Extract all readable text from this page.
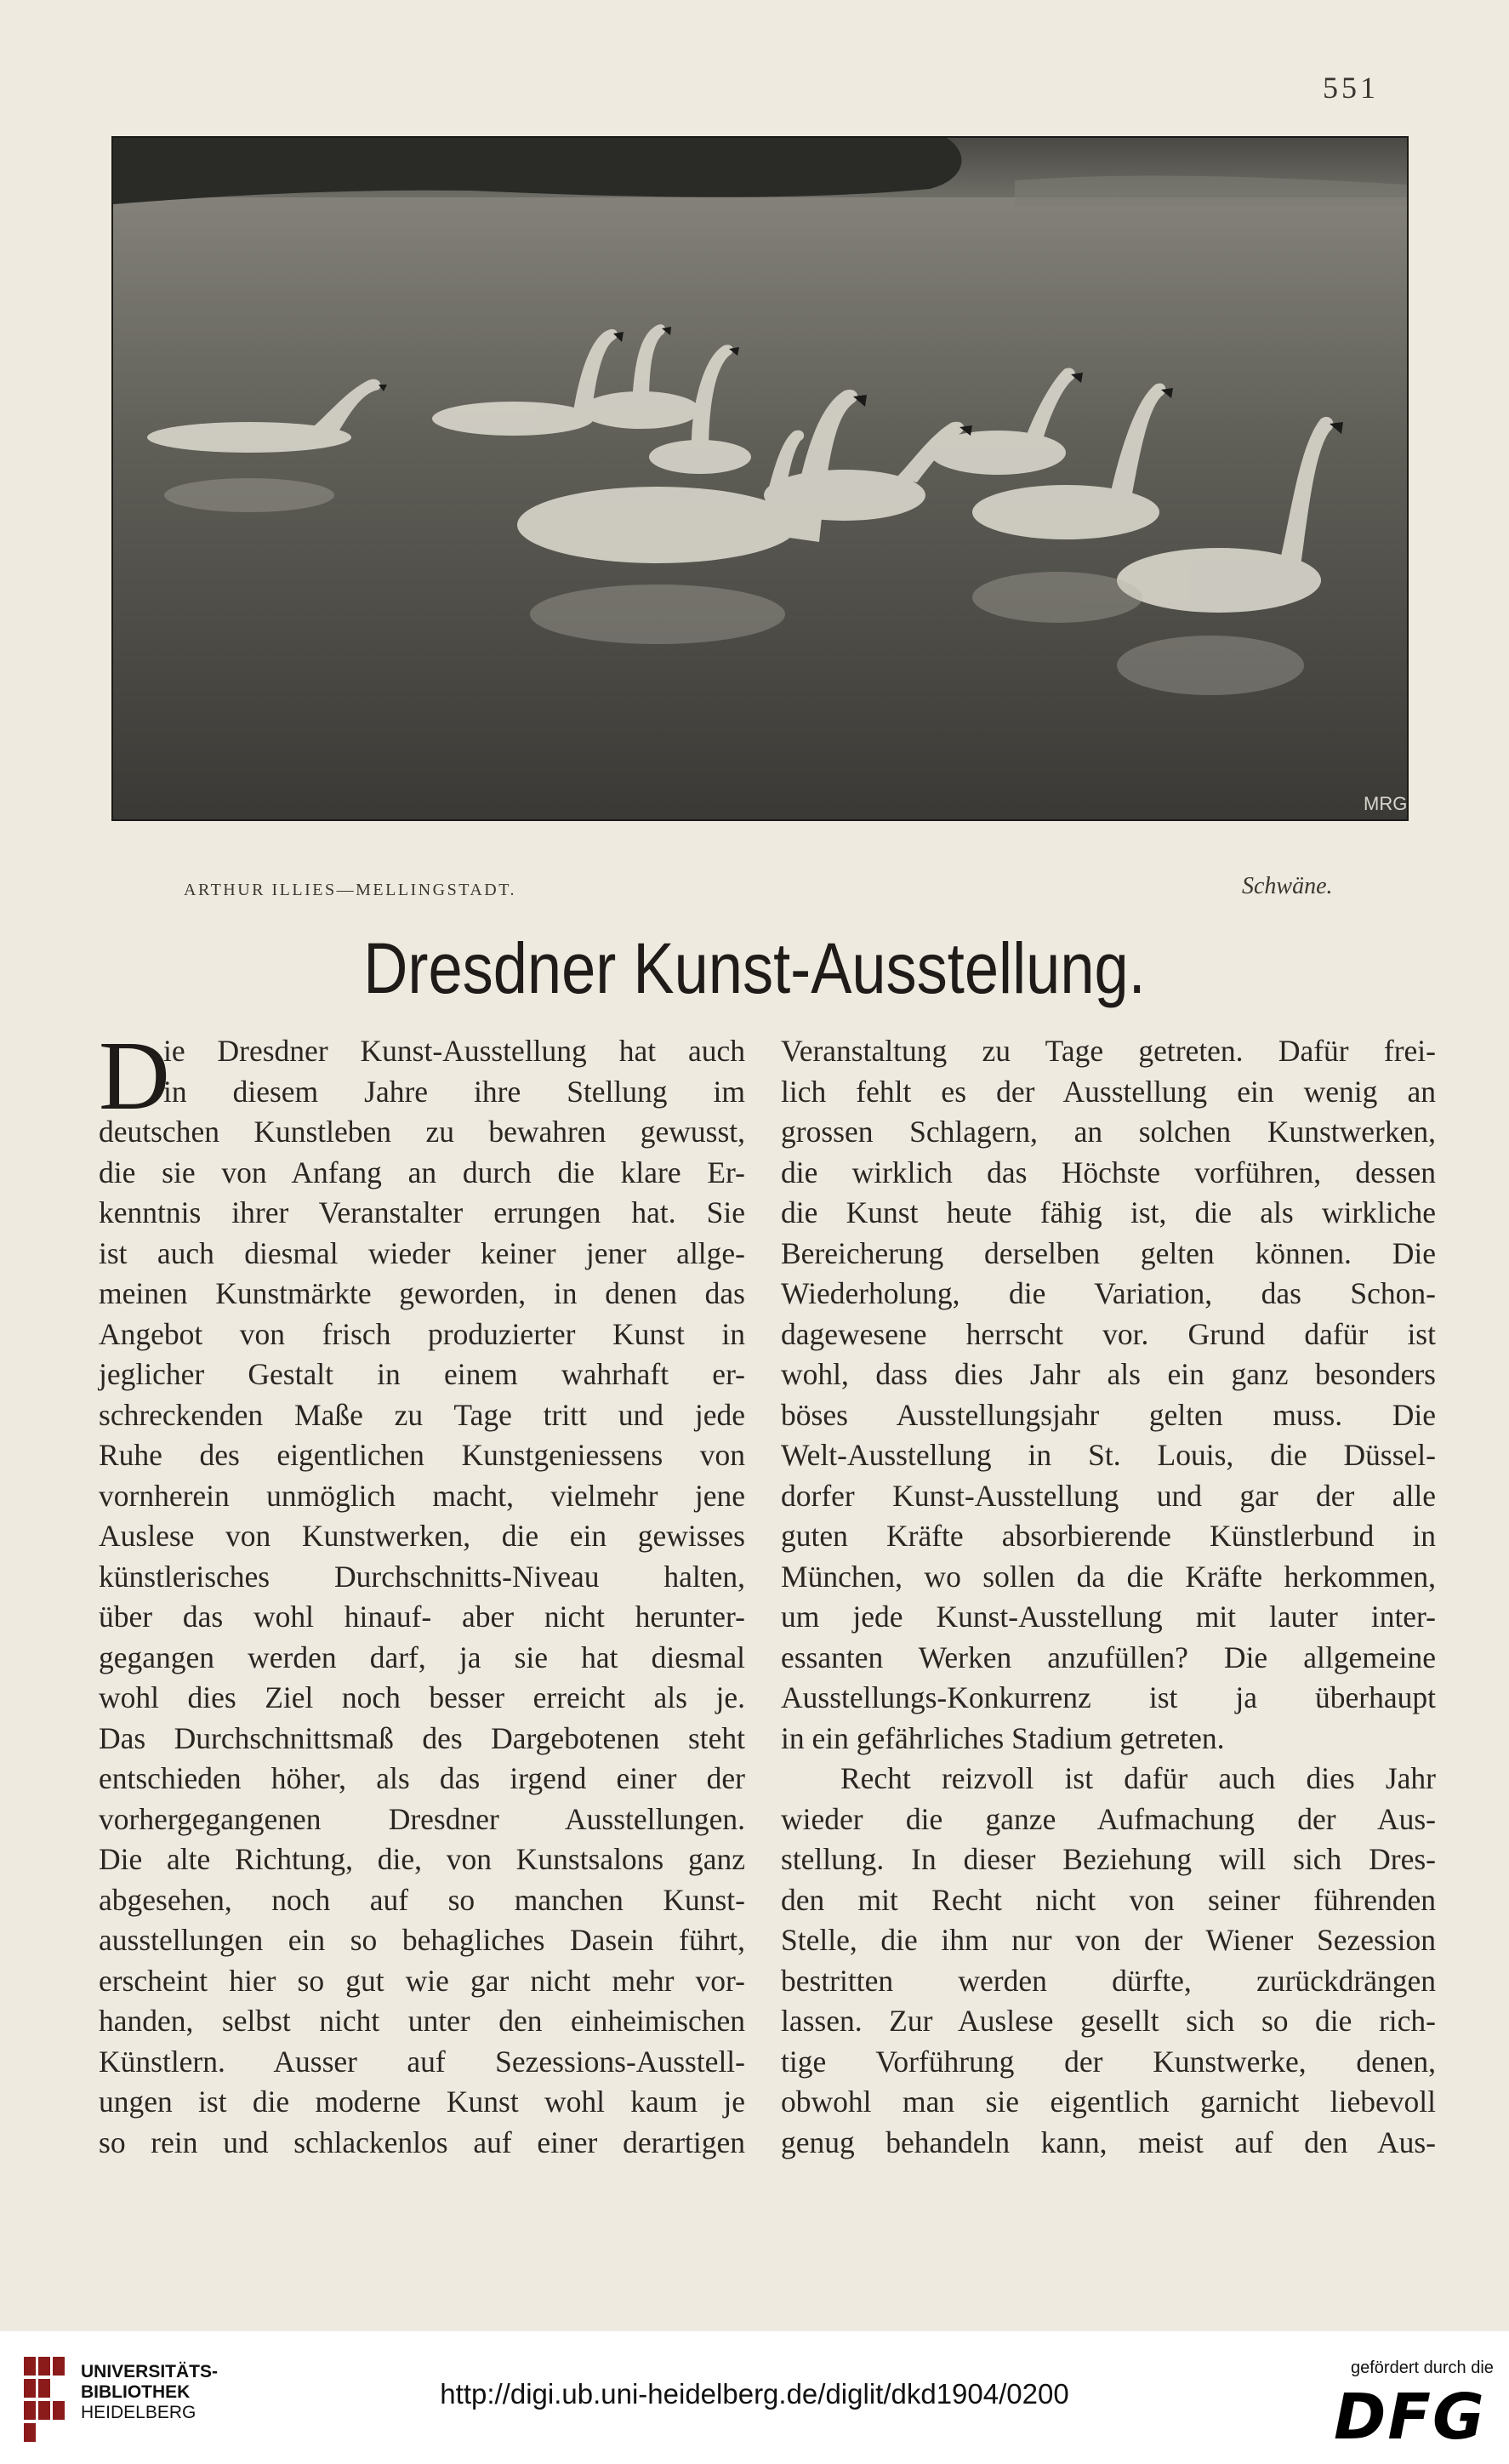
551
MRG
ARTHUR ILLIES—MELLINGSTADT.	Schwäne.
Dresdner Kunst-Ausstellung.
D
ie Dresdner Kunst-Ausstellung hat auch
in diesem Jahre ihre Stellung im
deutschen Kunstleben zu bewahren gewusst,
die sie von Anfang an durch die klare Er-
kenntnis ihrer Veranstalter errungen hat. Sie
ist auch diesmal wieder keiner jener allge-
meinen Kunstmärkte geworden, in denen das
Angebot von frisch produzierter Kunst in
jeglicher Gestalt in einem wahrhaft er-
schreckenden Maße zu Tage tritt und jede
Ruhe des eigentlichen Kunstgeniessens von
vornherein unmöglich macht, vielmehr jene
Auslese von Kunstwerken, die ein gewisses
künstlerisches Durchschnitts-Niveau halten,
über das wohl hinauf- aber nicht herunter-
gegangen werden darf, ja sie hat diesmal
wohl dies Ziel noch besser erreicht als je.
Das Durchschnittsmaß des Dargebotenen steht
entschieden höher, als das irgend einer der
vorhergegangenen Dresdner Ausstellungen.
Die alte Richtung, die, von Kunstsalons ganz
abgesehen, noch auf so manchen Kunst-
ausstellungen ein so behagliches Dasein führt,
erscheint hier so gut wie gar nicht mehr vor-
handen, selbst nicht unter den einheimischen
Künstlern. Ausser auf Sezessions-Ausstell-
ungen ist die moderne Kunst wohl kaum je
so rein und schlackenlos auf einer derartigen
Veranstaltung zu Tage getreten. Dafür frei-
lich fehlt es der Ausstellung ein wenig an
grossen Schlagern, an solchen Kunstwerken,
die wirklich das Höchste vorführen, dessen
die Kunst heute fähig ist, die als wirkliche
Bereicherung derselben gelten können. Die
Wiederholung, die Variation, das Schon-
dagewesene herrscht vor. Grund dafür ist
wohl, dass dies Jahr als ein ganz besonders
böses Ausstellungsjahr gelten muss. Die
Welt-Ausstellung in St. Louis, die Düssel-
dorfer Kunst-Ausstellung und gar der alle
guten Kräfte absorbierende Künstlerbund in
München, wo sollen da die Kräfte herkommen,
um jede Kunst-Ausstellung mit lauter inter-
essanten Werken anzufüllen? Die allgemeine
Ausstellungs-Konkurrenz ist ja überhaupt
in ein gefährliches Stadium getreten.
Recht reizvoll ist dafür auch dies Jahr
wieder die ganze Aufmachung der Aus-
stellung. In dieser Beziehung will sich Dres-
den mit Recht nicht von seiner führenden
Stelle, die ihm nur von der Wiener Sezession
bestritten werden dürfte, zurückdrängen
lassen. Zur Auslese gesellt sich so die rich-
tige Vorführung der Kunstwerke, denen,
obwohl man sie eigentlich garnicht liebevoll
genug behandeln kann, meist auf den Aus-
UNIVERSITÄTS-
BIBLIOTHEK
HEIDELBERG
http://digi.ub.uni-heidelberg.de/diglit/dkd1904/0200
gefördert durch die
DFG
